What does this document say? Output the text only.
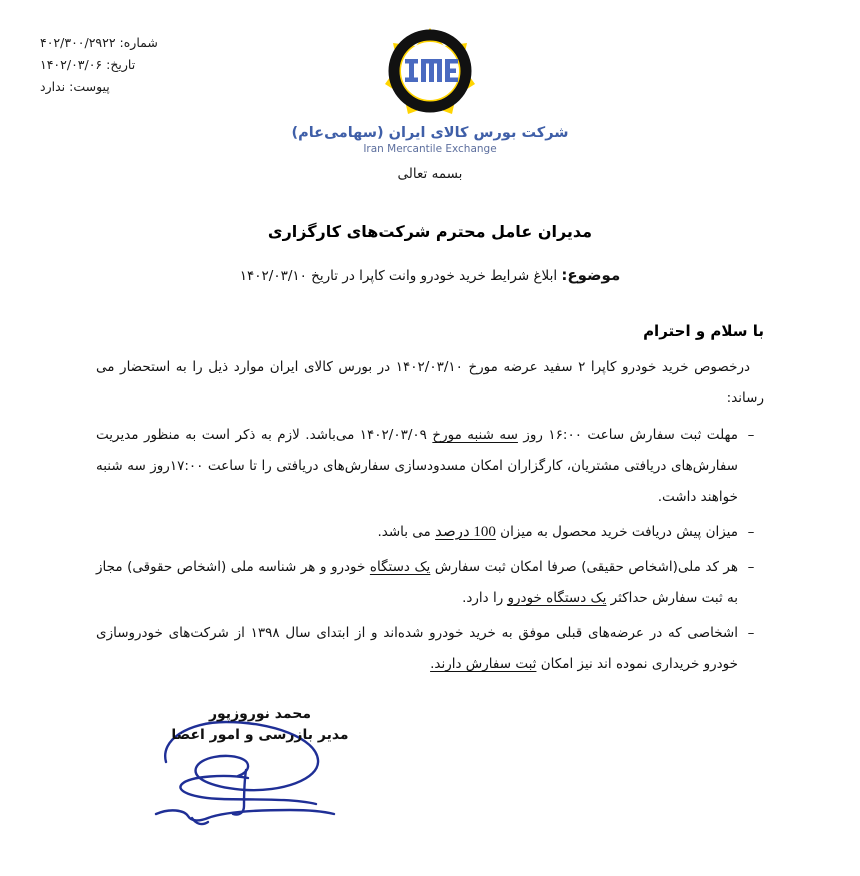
شماره: ۴۰۲/۳۰۰/۲۹۲۲
تاریخ: ۱۴۰۲/۰۳/۰۶
پیوست: ندارد
شرکت بورس کالای ایران (سهامی‌عام)
Iran Mercantile Exchange
بسمه تعالی
مدیران عامل محترم شرکت‌های کارگزاری
موضوع: ابلاغ شرایط خرید خودرو وانت کاپرا در تاریخ ۱۴۰۲/۰۳/۱۰
با سلام و احترام
درخصوص خرید خودرو کاپرا ۲ سفید عرضه مورخ ۱۴۰۲/۰۳/۱۰ در بورس کالای ایران موارد ذیل را به استحضار می رساند:
–
مهلت ثبت سفارش ساعت ۱۶:۰۰ روز سه شنبه مورخ ۱۴۰۲/۰۳/۰۹ می‌باشد. لازم به ذکر است به منظور مدیریت سفارش‌های دریافتی مشتریان، کارگزاران امکان مسدودسازی سفارش‌های دریافتی را تا ساعت ۱۷:۰۰روز سه شنبه خواهند داشت.
–
میزان پیش دریافت خرید محصول به میزان 100 درصد می باشد.
–
هر کد ملی(اشخاص حقیقی) صرفا امکان ثبت سفارش یک دستگاه خودرو و هر شناسه ملی (اشخاص حقوقی) مجاز به ثبت سفارش حداکثر یک دستگاه خودرو را دارد.
–
اشخاصی که در عرضه‌های قبلی موفق به خرید خودرو شده‌اند و از ابتدای سال ۱۳۹۸ از شرکت‌های خودروسازی خودرو خریداری نموده اند نیز امکان ثبت سفارش دارند.
محمد نوروزپور
مدیر بازرسی و امور اعضا
